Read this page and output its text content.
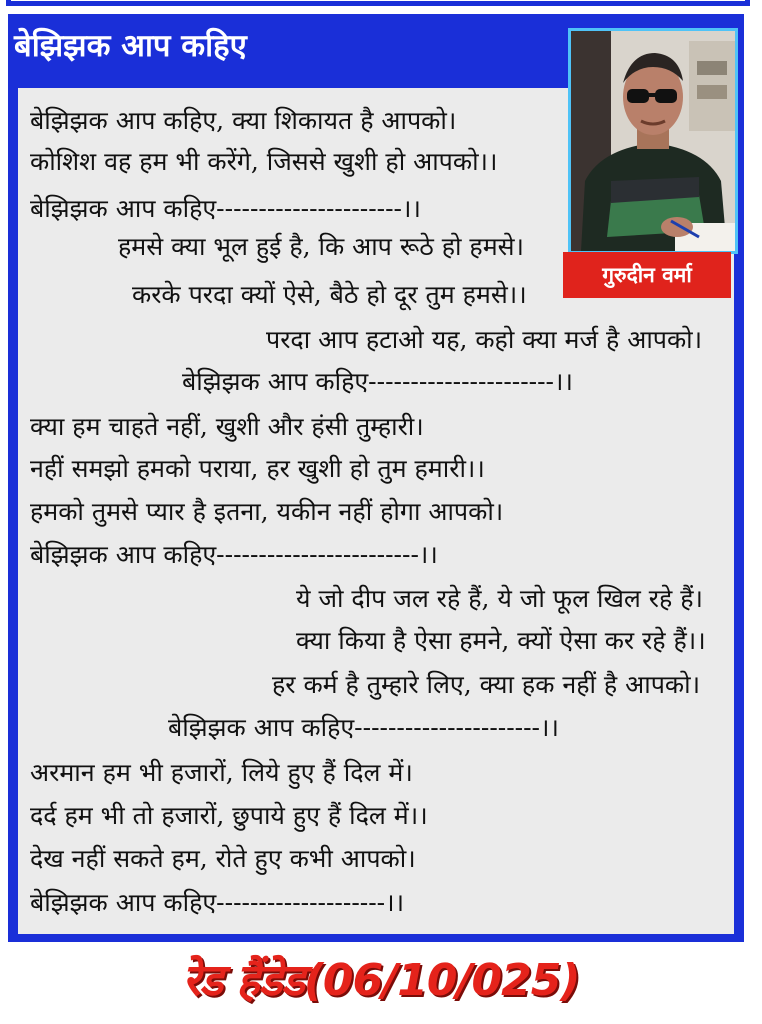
बेझिझक आप कहिए
गुरुदीन वर्मा
बेझिझक आप कहिए, क्या शिकायत है आपको।
कोशिश वह हम भी करेंगे, जिससे खुशी हो आपको।।
बेझिझक आप कहिए----------------------।।
हमसे क्या भूल हुई है, कि आप रूठे हो हमसे।
करके परदा क्यों ऐसे, बैठे हो दूर तुम हमसे।।
परदा आप हटाओ यह, कहो क्या मर्ज है आपको।
बेझिझक आप कहिए----------------------।।
क्या हम चाहते नहीं, खुशी और हंसी तुम्हारी।
नहीं समझो हमको पराया, हर खुशी हो तुम हमारी।।
हमको तुमसे प्यार है इतना, यकीन नहीं होगा आपको।
बेझिझक आप कहिए------------------------।।
ये जो दीप जल रहे हैं, ये जो फूल खिल रहे हैं।
क्या किया है ऐसा हमने, क्यों ऐसा कर रहे हैं।।
हर कर्म है तुम्हारे लिए, क्या हक नहीं है आपको।
बेझिझक आप कहिए----------------------।।
अरमान हम भी हजारों, लिये हुए हैं दिल में।
दर्द हम भी तो हजारों, छुपाये हुए हैं दिल में।।
देख नहीं सकते हम, रोते हुए कभी आपको।
बेझिझक आप कहिए--------------------।।
रेड हैंडेड(06/10/025)
